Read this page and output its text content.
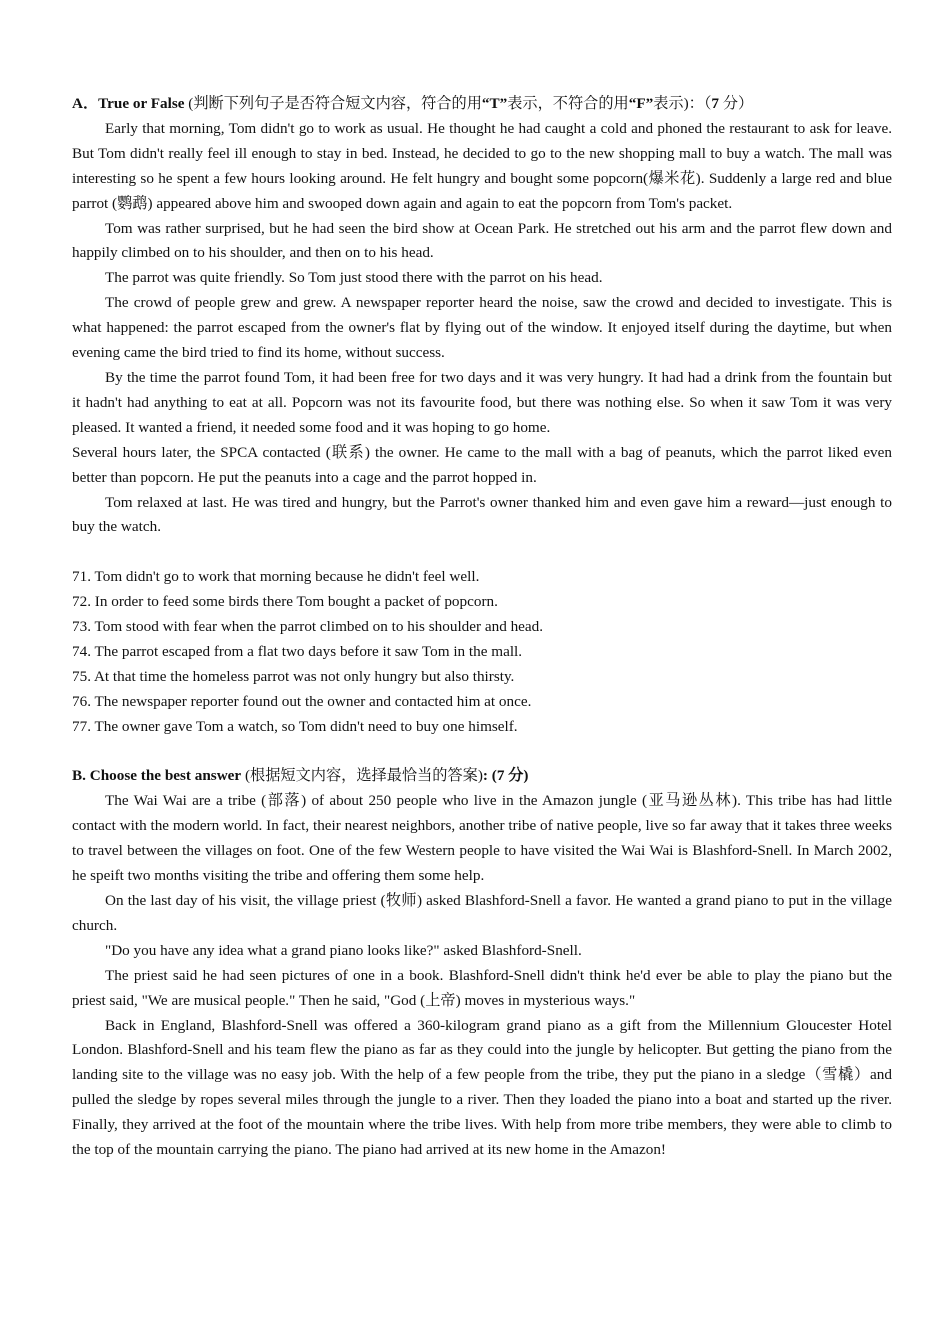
A．True or False (判断下列句子是否符合短文内容，符合的用“T”表示，不符合的用“F”表示)：（7 分）

Early that morning, Tom didn't go to work as usual. He thought he had caught a cold and phoned the restaurant to ask for leave. But Tom didn't really feel ill enough to stay in bed. Instead, he decided to go to the new shopping mall to buy a watch. The mall was interesting so he spent a few hours looking around. He felt hungry and bought some popcorn(爆米花). Suddenly a large red and blue parrot (鹦鹉) appeared above him and swooped down again and again to eat the popcorn from Tom's packet.

Tom was rather surprised, but he had seen the bird show at Ocean Park. He stretched out his arm and the parrot flew down and happily climbed on to his shoulder, and then on to his head.

The parrot was quite friendly. So Tom just stood there with the parrot on his head.

The crowd of people grew and grew. A newspaper reporter heard the noise, saw the crowd and decided to investigate. This is what happened: the parrot escaped from the owner's flat by flying out of the window. It enjoyed itself during the daytime, but when evening came the bird tried to find its home, without success.

By the time the parrot found Tom, it had been free for two days and it was very hungry. It had had a drink from the fountain but it hadn't had anything to eat at all. Popcorn was not its favourite food, but there was nothing else. So when it saw Tom it was very pleased. It wanted a friend, it needed some food and it was hoping to go home.

Several hours later, the SPCA contacted (联系) the owner. He came to the mall with a bag of peanuts, which the parrot liked even better than popcorn. He put the peanuts into a cage and the parrot hopped in.

Tom relaxed at last. He was tired and hungry, but the Parrot's owner thanked him and even gave him a reward—just enough to buy the watch.

71. Tom didn't go to work that morning because he didn't feel well.
72. In order to feed some birds there Tom bought a packet of popcorn.
73. Tom stood with fear when the parrot climbed on to his shoulder and head.
74. The parrot escaped from a flat two days before it saw Tom in the mall.
75. At that time the homeless parrot was not only hungry but also thirsty.
76. The newspaper reporter found out the owner and contacted him at once.
77. The owner gave Tom a watch, so Tom didn't need to buy one himself.
B. Choose the best answer (根据短文内容，选择最恰当的答案): (7 分)

The Wai Wai are a tribe (部落) of about 250 people who live in the Amazon jungle (亚马逊丛林). This tribe has had little contact with the modern world. In fact, their nearest neighbors, another tribe of native people, live so far away that it takes three weeks to travel between the villages on foot. One of the few Western people to have visited the Wai Wai is Blashford-Snell. In March 2002, he speift two months visiting the tribe and offering them some help.

On the last day of his visit, the village priest (牧师) asked Blashford-Snell a favor. He wanted a grand piano to put in the village church.

"Do you have any idea what a grand piano looks like?" asked Blashford-Snell.

The priest said he had seen pictures of one in a book. Blashford-Snell didn't think he'd ever be able to play the piano but the priest said, "We are musical people." Then he said, "God (上帝) moves in mysterious ways."

Back in England, Blashford-Snell was offered a 360-kilogram grand piano as a gift from the Millennium Gloucester Hotel London. Blashford-Snell and his team flew the piano as far as they could into the jungle by helicopter. But getting the piano from the landing site to the village was no easy job. With the help of a few people from the tribe, they put the piano in a sledge（雪橇）and pulled the sledge by ropes several miles through the jungle to a river. Then they loaded the piano into a boat and started up the river. Finally, they arrived at the foot of the mountain where the tribe lives. With help from more tribe members, they were able to climb to the top of the mountain carrying the piano. The piano had arrived at its new home in the Amazon!
